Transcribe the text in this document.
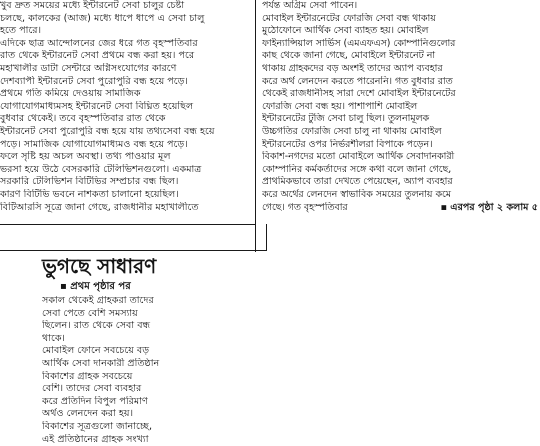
খুব দ্রুত সময়ের মধ্যে ইন্টারনেট সেবা চালুর চেষ্টা

চলছে, কালকের (আজ) মধ্যে ধাপে ধাপে এ সেবা চালু

হতে পারে।

এদিকে ছাত্র আন্দোলনের জের ধরে গত বৃহস্পতিবার

রাত থেকে ইন্টারনেট সেবা প্রথমে বন্ধ করা হয়। পরে

মহাখালীর ডাটা সেন্টারে অগ্নিসংযোগের কারণে

দেশব্যাপী ইন্টারনেট সেবা পুরোপুরি বন্ধ হয়ে পড়ে।

প্রথমে গতি কমিয়ে দেওয়ায় সামাজিক

যোগাযোগমাধ্যমসহ ইন্টারনেট সেবা বিঘ্নিত হয়েছিল

বুধবার থেকেই। তবে বৃহস্পতিবার রাত থেকে

ইন্টারনেট সেবা পুরোপুরি বন্ধ হয়ে যায় তথ্যসেবা বন্ধ হয়ে

পড়ে। সামাজিক যোগাযোগমাধ্যমও বন্ধ হয়ে পড়ে।

ফলে সৃষ্টি হয় অচল অবস্থা। তথ্য পাওয়ার মূল

ভরসা হয়ে উঠে বেসরকারি টেলিভিশনগুলো। একমাত্র

সরকারি টেলিভিশন বিটিভির সম্প্রচার বন্ধ ছিল।

কারণ বিটিভি ভবনে নাশকতা চালানো হয়েছিল।

বিটিআরসি সূত্রে জানা গেছে, রাজধানীর মহাখালীতে

পর্যন্ত অগ্রিম সেবা পাবেন।

মোবাইল ইন্টারনেটের ফোরজি সেবা বন্ধ থাকায়

মুঠোফোনে আর্থিক সেবা ব্যাহত হয়। মোবাইল

ফাইন্যান্সিয়াল সার্ভিস (এমএফএস) কোম্পানিগুলোর

কাছ থেকে জানা গেছে, মোবাইলে ইন্টারনেট না

থাকায় গ্রাহকদের বড় অংশই তাদের অ্যাপ ব্যবহার

করে অর্থ লেনদেন করতে পারেননি। গত বুধবার রাত

থেকেই রাজধানীসহ সারা দেশে মোবাইল ইন্টারনেটের

ফোরজি সেবা বন্ধ হয়। পাশাপাশি মোবাইল

ইন্টারনেটের টুজি সেবা চালু ছিল। তুলনামূলক

উচ্চগতির ফোরজি সেবা চালু না থাকায় মোবাইল

ইন্টারনেটের ওপর নির্ভরশীলরা বিপাকে পড়েন।

বিকাশ-নগদের মতো মোবাইলে আর্থিক সেবাদানকারী

কোম্পানির কর্মকর্তাদের সঙ্গে কথা বলে জানা গেছে,

প্রাথমিকভাবে তারা দেখতে পেয়েছেন, অ্যাপ ব্যবহার

করে অর্থের লেনদেন স্বাভাবিক সময়ের তুলনায় কমে

গেছে। গত বৃহস্পতিবার	▪ এরপর পৃষ্ঠা ২ কলাম ৫
ভুগছে সাধারণ
▪ প্রথম পৃষ্ঠার পর

সকাল থেকেই গ্রাহকরা তাদের

সেবা পেতে বেশি সমস্যায়

ছিলেন। রাত থেকে সেবা বন্ধ

থাকে।

মোবাইল ফোনে সবচেয়ে বড়

আর্থিক সেবা দানকারী প্রতিষ্ঠান

বিকাশের গ্রাহক সবচেয়ে

বেশি। তাদের সেবা ব্যবহার

করে প্রতিদিন বিপুল পরিমাণ

অর্থও লেনদেন করা হয়।

বিকাশের সূত্রগুলো জানাচ্ছে,

এই প্রতিষ্ঠানের গ্রাহক সংখ্যা
